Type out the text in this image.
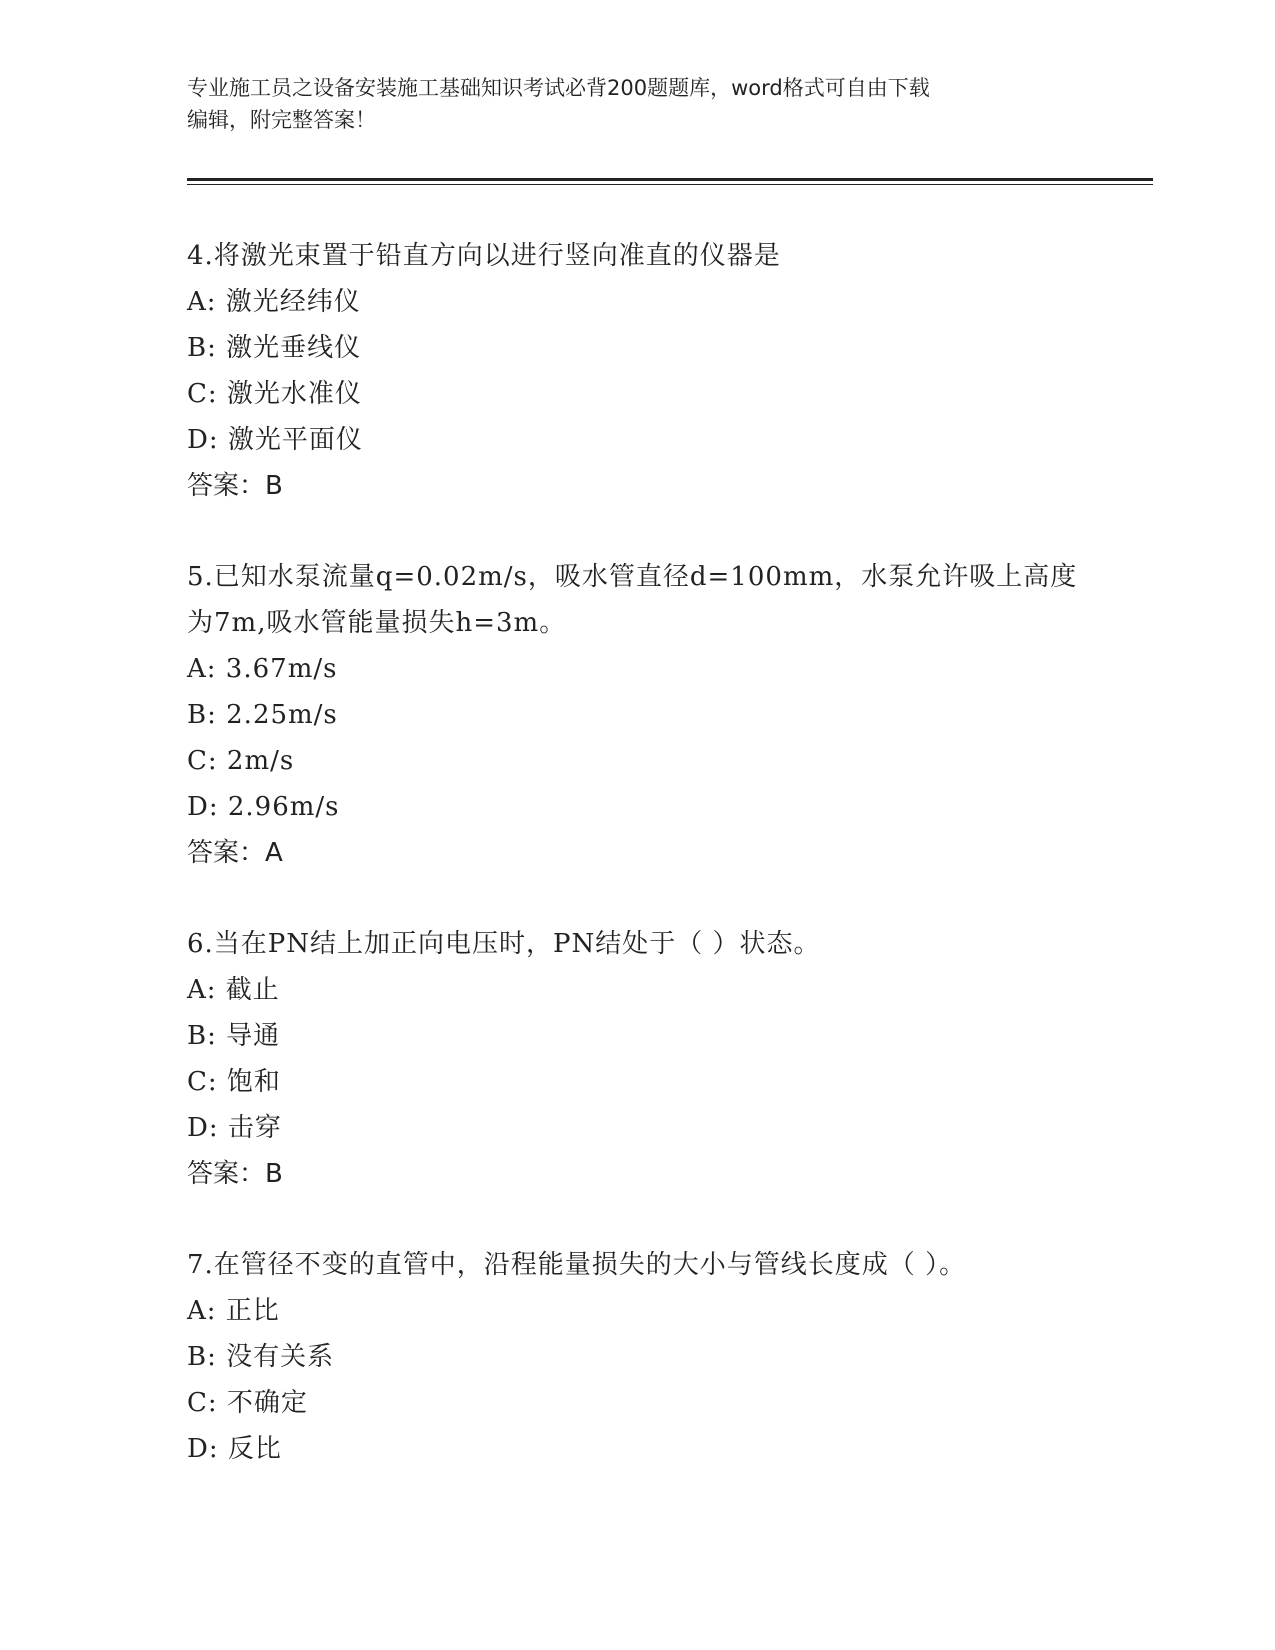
专业施工员之设备安装施工基础知识考试必背200题题库，word格式可自由下载
编辑，附完整答案！
4.将激光束置于铅直方向以进行竖向准直的仪器是
A: 激光经纬仪
B: 激光垂线仪
C: 激光水准仪
D: 激光平面仪
答案：B
5.已知水泵流量q=0.02m/s，吸水管直径d=100mm，水泵允许吸上高度
为7m,吸水管能量损失h=3m。
A: 3.67m/s
B: 2.25m/s
C: 2m/s
D: 2.96m/s
答案：A
6.当在PN结上加正向电压时，PN结处于（ ）状态。
A: 截止
B: 导通
C: 饱和
D: 击穿
答案：B
7.在管径不变的直管中，沿程能量损失的大小与管线长度成（ ）。
A: 正比
B: 没有关系
C: 不确定
D: 反比
